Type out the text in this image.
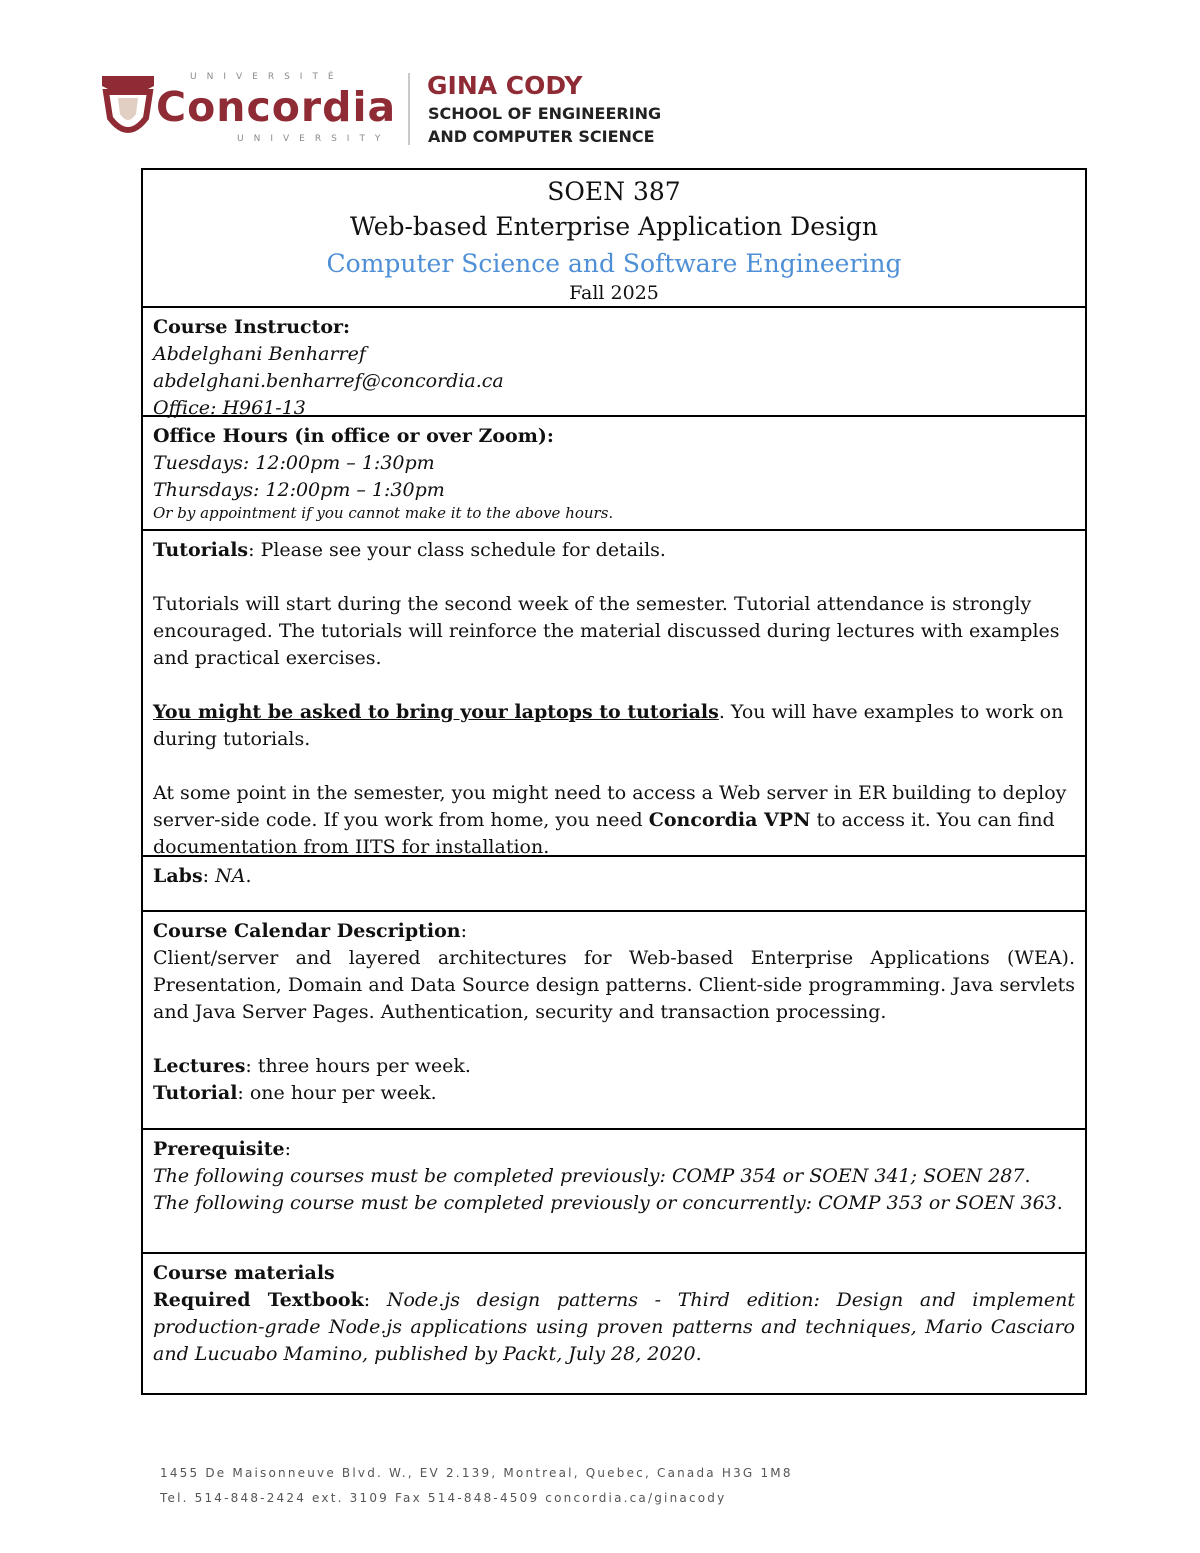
UNIVERSITÉ
Concordia
UNIVERSITY
GINA CODY
SCHOOL OF ENGINEERING
AND COMPUTER SCIENCE
SOEN 387
Web-based Enterprise Application Design
Computer Science and Software Engineering
Fall 2025
Course Instructor:
Abdelghani Benharref
abdelghani.benharref@concordia.ca
Office: H961-13
Office Hours (in office or over Zoom):
Tuesdays: 12:00pm – 1:30pm
Thursdays: 12:00pm – 1:30pm
Or by appointment if you cannot make it to the above hours.
Tutorials: Please see your class schedule for details.
Tutorials will start during the second week of the semester. Tutorial attendance is strongly encouraged. The tutorials will reinforce the material discussed during lectures with examples and practical exercises.
You might be asked to bring your laptops to tutorials. You will have examples to work on during tutorials.
At some point in the semester, you might need to access a Web server in ER building to deploy server-side code. If you work from home, you need Concordia VPN to access it. You can find documentation from IITS for installation.
Labs: NA.
Course Calendar Description:
Client/server and layered architectures for Web-based Enterprise Applications (WEA). Presentation, Domain and Data Source design patterns. Client-side programming. Java servlets and Java Server Pages. Authentication, security and transaction processing.
Lectures: three hours per week.
Tutorial: one hour per week.
Prerequisite:
The following courses must be completed previously: COMP 354 or SOEN 341; SOEN 287.
The following course must be completed previously or concurrently: COMP 353 or SOEN 363.
Course materials
Required Textbook: Node.js design patterns - Third edition: Design and implement production-grade Node.js applications using proven patterns and techniques, Mario Casciaro and Lucuabo Mamino, published by Packt, July 28, 2020.
1455 De Maisonneuve Blvd. W., EV 2.139, Montreal, Quebec, Canada H3G 1M8
Tel. 514-848-2424 ext. 3109 Fax 514-848-4509 concordia.ca/ginacody
